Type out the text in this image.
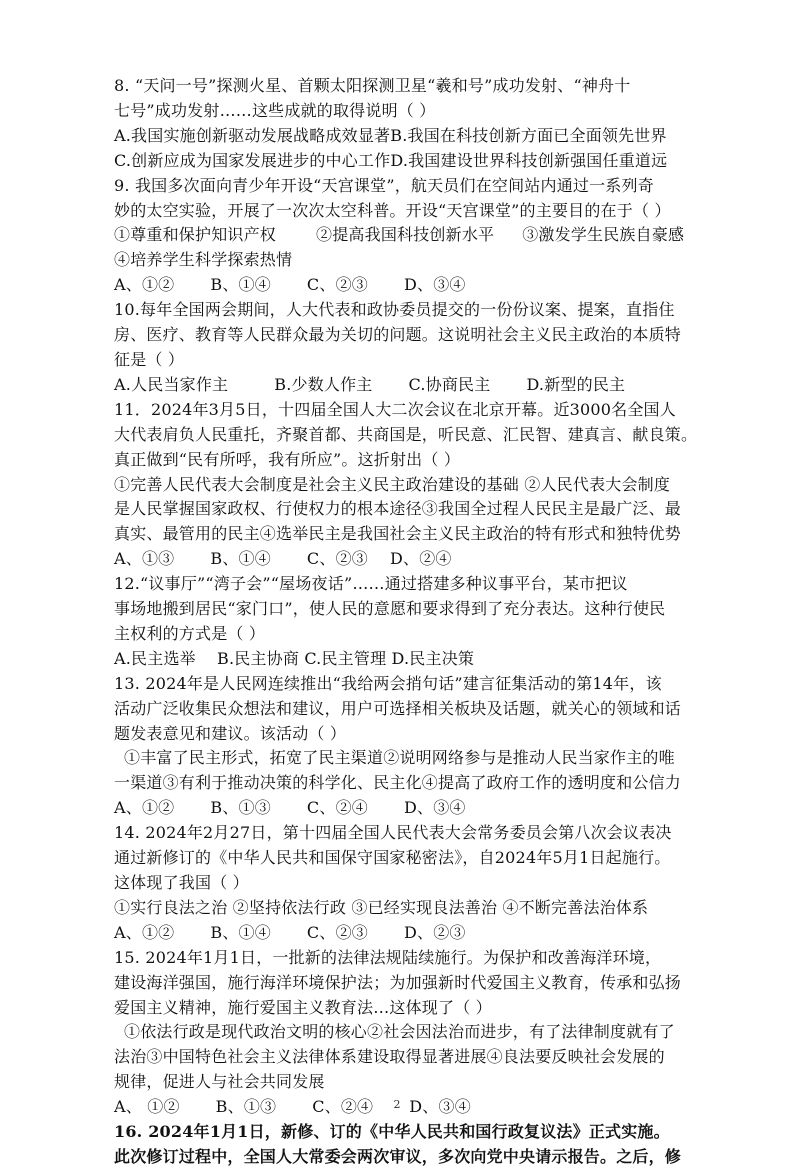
8. “天问一号”探测火星、首颗太阳探测卫星“羲和号”成功发射、“神舟十
七号”成功发射……这些成就的取得说明（ ）
A.我国实施创新驱动发展战略成效显著B.我国在科技创新方面已全面领先世界
C.创新应成为国家发展进步的中心工作D.我国建设世界科技创新强国任重道远
9. 我国多次面向青少年开设“天宫课堂”，航天员们在空间站内通过一系列奇
妙的太空实验，开展了一次次太空科普。开设“天宫课堂”的主要目的在于（ ）
①尊重和保护知识产权	②提高我国科技创新水平 ③激发学生民族自豪感
④培养学生科学探索热情
A、①② B、①④ C、②③ D、③④
10.每年全国两会期间，人大代表和政协委员提交的一份份议案、提案，直指住
房、医疗、教育等人民群众最为关切的问题。这说明社会主义民主政治的本质特
征是（ ）
A.人民当家作主	B.少数人作主 C.协商民主 D.新型的民主
11．2024年3月5日，十四届全国人大二次会议在北京开幕。近3000名全国人
大代表肩负人民重托，齐聚首都、共商国是，听民意、汇民智、建真言、献良策。
真正做到“民有所呼，我有所应”。这折射出（ ）
①完善人民代表大会制度是社会主义民主政治建设的基础 ②人民代表大会制度
是人民掌握国家政权、行使权力的根本途径③我国全过程人民民主是最广泛、最
真实、最管用的民主④选举民主是我国社会主义民主政治的特有形式和独特优势
A、①③ B、①④ C、②③ D、②④
12.“议事厅”“湾子会”“屋场夜话”……通过搭建多种议事平台，某市把议
事场地搬到居民“家门口”，使人民的意愿和要求得到了充分表达。这种行使民
主权利的方式是（ ）
A.民主选举    B.民主协商 C.民主管理 D.民主决策
13. 2024年是人民网连续推出“我给两会捎句话”建言征集活动的第14年，该
活动广泛收集民众想法和建议，用户可选择相关板块及话题，就关心的领域和话
题发表意见和建议。该活动（ ）
①丰富了民主形式，拓宽了民主渠道②说明网络参与是推动人民当家作主的唯
一渠道③有利于推动决策的科学化、民主化④提高了政府工作的透明度和公信力
A、①② B、①③ C、②④ D、③④
14. 2024年2月27日，第十四届全国人民代表大会常务委员会第八次会议表决
通过新修订的《中华人民共和国保守国家秘密法》，自2024年5月1日起施行。
这体现了我国（ ）
①实行良法之治 ②坚持依法行政 ③已经实现良法善治 ④不断完善法治体系
A、①② B、①④ C、②③ D、②③
15. 2024年1月1日，一批新的法律法规陆续施行。为保护和改善海洋环境，
建设海洋强国，施行海洋环境保护法；为加强新时代爱国主义教育，传承和弘扬
爱国主义精神，施行爱国主义教育法…这体现了（ ）
①依法行政是现代政治文明的核心②社会因法治而进步，有了法律制度就有了
法治③中国特色社会主义法律体系建设取得显著进展④良法要反映社会发展的
规律，促进人与社会共同发展
A、 ①② B、①③ C、②④ D、③④
16. 2024年1月1日，新修、订的《中华人民共和国行政复议法》正式实施。
此次修订过程中，全国人大常委会两次审议，多次向党中央请示报告。之后，修
2
